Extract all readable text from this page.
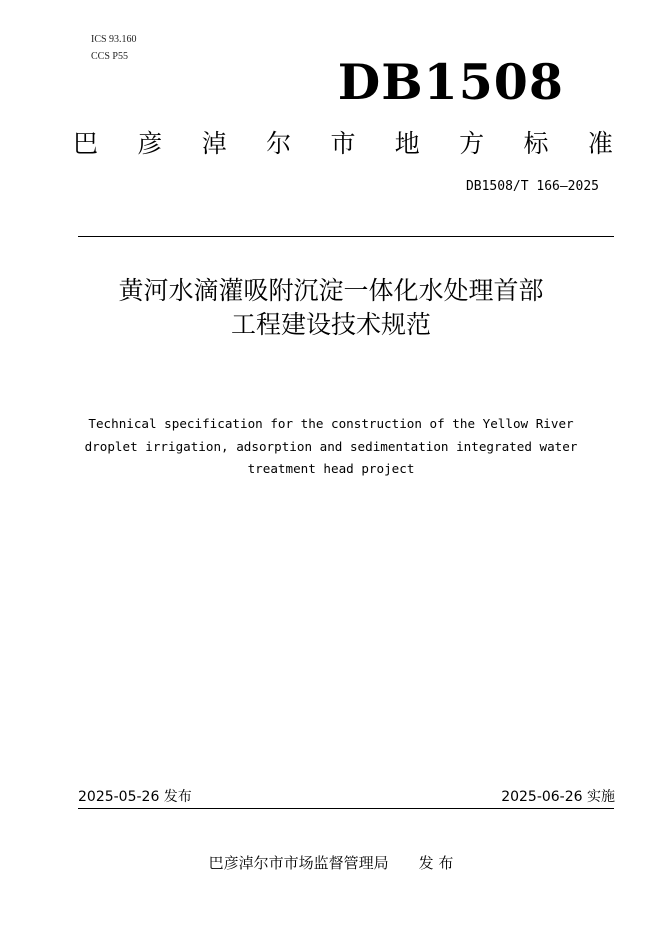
ICS 93.160
CCS P55	DB1508
巴 彦 淖 尔 市 地 方 标 准
DB1508/T 166—2025
黄河水滴灌吸附沉淀一体化水处理首部
工程建设技术规范
Technical specification for the construction of the Yellow River
droplet irrigation, adsorption and sedimentation integrated water
treatment head project
2025-05-26 发布	2025-06-26 实施
巴彦淖尔市市场监督管理局 发 布
